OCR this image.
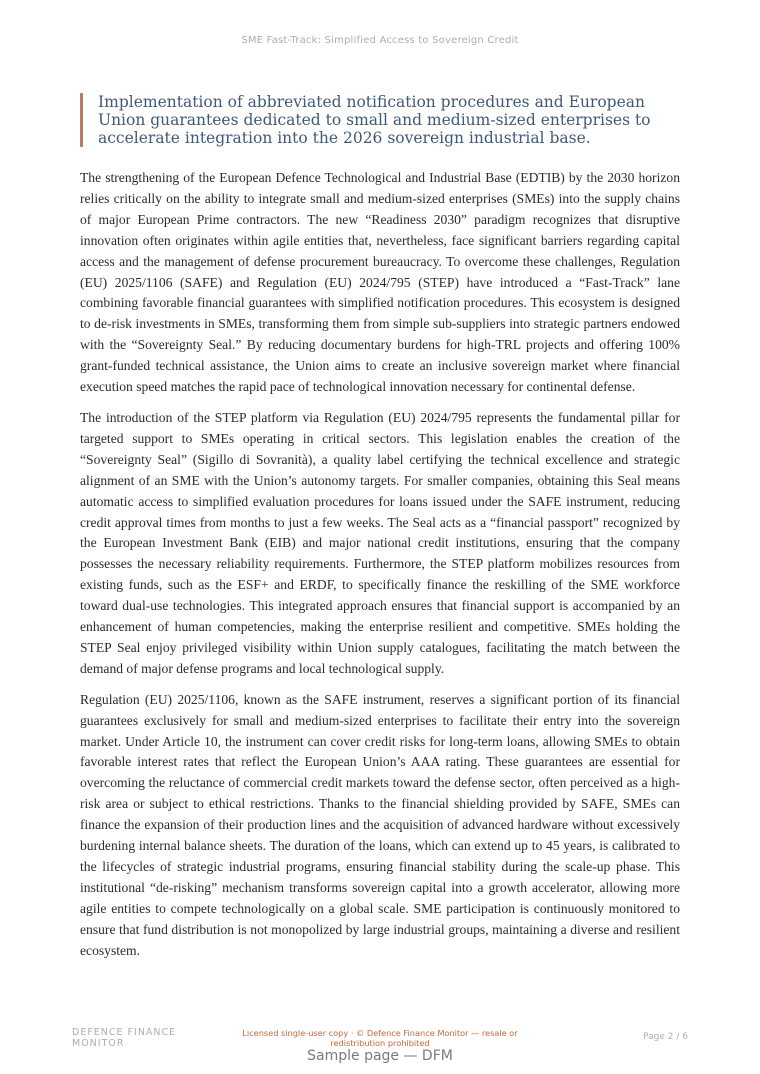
SME Fast-Track: Simplified Access to Sovereign Credit
Implementation of abbreviated notification procedures and European Union guarantees dedicated to small and medium-sized enterprises to accelerate integration into the 2026 sovereign industrial base.

The strengthening of the European Defence Technological and Industrial Base (EDTIB) by the 2030 horizon relies critically on the ability to integrate small and medium-sized enterprises (SMEs) into the supply chains of major European Prime contractors. The new “Readiness 2030” paradigm recognizes that disruptive innovation often originates within agile entities that, nevertheless, face significant barriers regarding capital access and the management of defense procurement bureaucracy. To overcome these challenges, Regulation (EU) 2025/1106 (SAFE) and Regulation (EU) 2024/795 (STEP) have introduced a “Fast-Track” lane combining favorable financial guarantees with simplified notification procedures. This ecosystem is designed to de-risk investments in SMEs, transforming them from simple sub-suppliers into strategic partners endowed with the “Sovereignty Seal.” By reducing documentary burdens for high-TRL projects and offering 100% grant-funded technical assistance, the Union aims to create an inclusive sovereign market where financial execution speed matches the rapid pace of technological innovation necessary for continental defense.

The introduction of the STEP platform via Regulation (EU) 2024/795 represents the fundamental pillar for targeted support to SMEs operating in critical sectors. This legislation enables the creation of the “Sovereignty Seal” (Sigillo di Sovranità), a quality label certifying the technical excellence and strategic alignment of an SME with the Union’s autonomy targets. For smaller companies, obtaining this Seal means automatic access to simplified evaluation procedures for loans issued under the SAFE instrument, reducing credit approval times from months to just a few weeks. The Seal acts as a “financial passport” recognized by the European Investment Bank (EIB) and major national credit institutions, ensuring that the company possesses the necessary reliability requirements. Furthermore, the STEP platform mobilizes resources from existing funds, such as the ESF+ and ERDF, to specifically finance the reskilling of the SME workforce toward dual-use technologies. This integrated approach ensures that financial support is accompanied by an enhancement of human competencies, making the enterprise resilient and competitive. SMEs holding the STEP Seal enjoy privileged visibility within Union supply catalogues, facilitating the match between the demand of major defense programs and local technological supply.

Regulation (EU) 2025/1106, known as the SAFE instrument, reserves a significant portion of its financial guarantees exclusively for small and medium-sized enterprises to facilitate their entry into the sovereign market. Under Article 10, the instrument can cover credit risks for long-term loans, allowing SMEs to obtain favorable interest rates that reflect the European Union’s AAA rating. These guarantees are essential for overcoming the reluctance of commercial credit markets toward the defense sector, often perceived as a high-risk area or subject to ethical restrictions. Thanks to the financial shielding provided by SAFE, SMEs can finance the expansion of their production lines and the acquisition of advanced hardware without excessively burdening internal balance sheets. The duration of the loans, which can extend up to 45 years, is calibrated to the lifecycles of strategic industrial programs, ensuring financial stability during the scale-up phase. This institutional “de-risking” mechanism transforms sovereign capital into a growth accelerator, allowing more agile entities to compete technologically on a global scale. SME participation is continuously monitored to ensure that fund distribution is not monopolized by large industrial groups, maintaining a diverse and resilient ecosystem.

DEFENCE FINANCE
MONITOR
Licensed single-user copy · © Defence Finance Monitor — resale or redistribution prohibited
Page 2 / 6
Sample page — DFM
